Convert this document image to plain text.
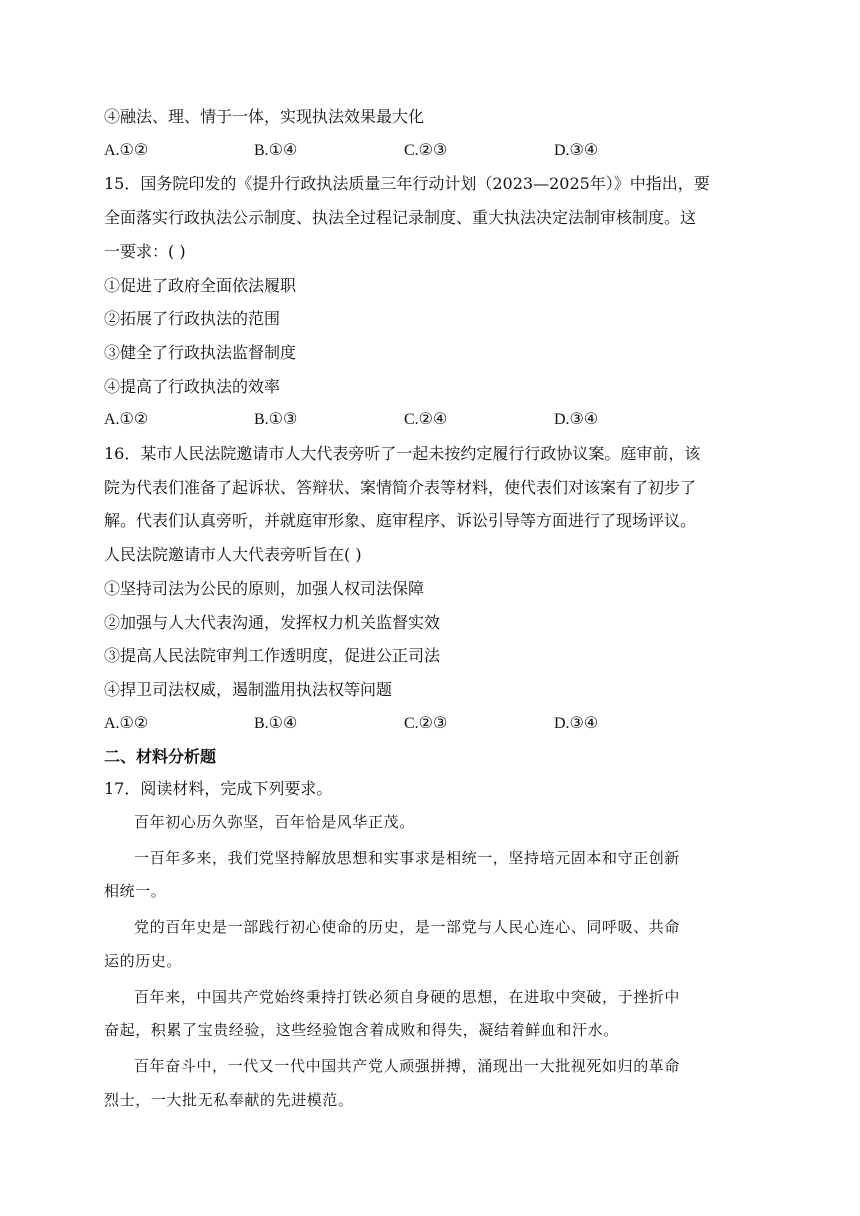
④融法、理、情于一体，实现执法效果最大化
A.①②	B.①④	C.②③	D.③④
15．国务院印发的《提升行政执法质量三年行动计划（2023—2025年）》中指出，要
全面落实行政执法公示制度、执法全过程记录制度、重大执法决定法制审核制度。这
一要求：( )
①促进了政府全面依法履职
②拓展了行政执法的范围
③健全了行政执法监督制度
④提高了行政执法的效率
A.①②	B.①③	C.②④	D.③④
16．某市人民法院邀请市人大代表旁听了一起未按约定履行行政协议案。庭审前，该
院为代表们准备了起诉状、答辩状、案情简介表等材料，使代表们对该案有了初步了
解。代表们认真旁听，并就庭审形象、庭审程序、诉讼引导等方面进行了现场评议。
人民法院邀请市人大代表旁听旨在( )
①坚持司法为公民的原则，加强人权司法保障
②加强与人大代表沟通，发挥权力机关监督实效
③提高人民法院审判工作透明度，促进公正司法
④捍卫司法权威，遏制滥用执法权等问题
A.①②	B.①④	C.②③	D.③④
二、材料分析题
17．阅读材料，完成下列要求。

百年初心历久弥坚，百年恰是风华正茂。

一百年多来，我们党坚持解放思想和实事求是相统一，坚持培元固本和守正创新

相统一。

党的百年史是一部践行初心使命的历史，是一部党与人民心连心、同呼吸、共命

运的历史。

百年来，中国共产党始终秉持打铁必须自身硬的思想，在进取中突破，于挫折中

奋起，积累了宝贵经验，这些经验饱含着成败和得失，凝结着鲜血和汗水。

百年奋斗中，一代又一代中国共产党人顽强拼搏，涌现出一大批视死如归的革命

烈士，一大批无私奉献的先进模范。
